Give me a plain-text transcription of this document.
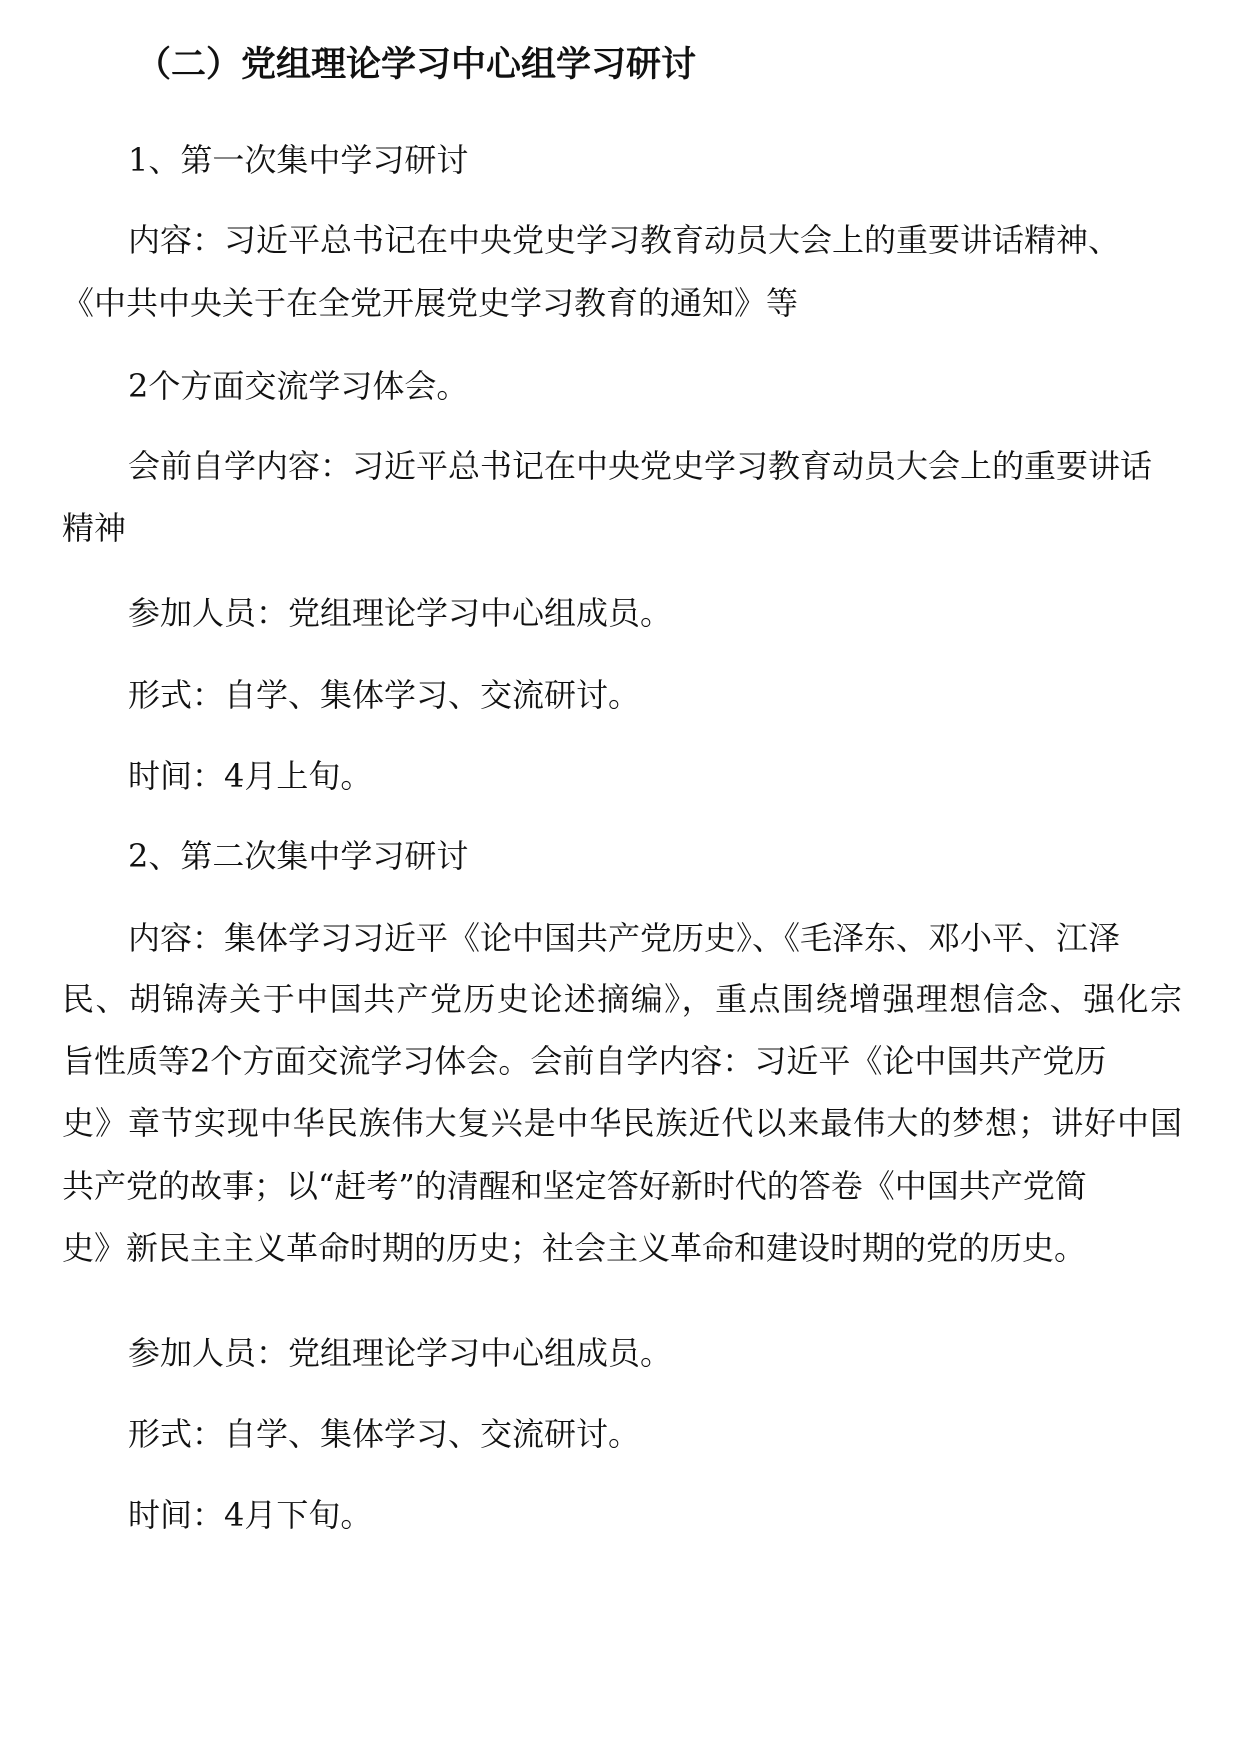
（二）党组理论学习中心组学习研讨
1、第一次集中学习研讨
内容：习近平总书记在中央党史学习教育动员大会上的重要讲话精神、
《中共中央关于在全党开展党史学习教育的通知》等
2个方面交流学习体会。
会前自学内容：习近平总书记在中央党史学习教育动员大会上的重要讲话
精神
参加人员：党组理论学习中心组成员。
形式：自学、集体学习、交流研讨。
时间：4月上旬。
2、第二次集中学习研讨
内容：集体学习习近平《论中国共产党历史》、《毛泽东、邓小平、江泽
民、胡锦涛关于中国共产党历史论述摘编》，重点围绕增强理想信念、强化宗
旨性质等2个方面交流学习体会。会前自学内容：习近平《论中国共产党历
史》章节实现中华民族伟大复兴是中华民族近代以来最伟大的梦想；讲好中国
共产党的故事；以“赶考”的清醒和坚定答好新时代的答卷《中国共产党简
史》新民主主义革命时期的历史；社会主义革命和建设时期的党的历史。
参加人员：党组理论学习中心组成员。
形式：自学、集体学习、交流研讨。
时间：4月下旬。
